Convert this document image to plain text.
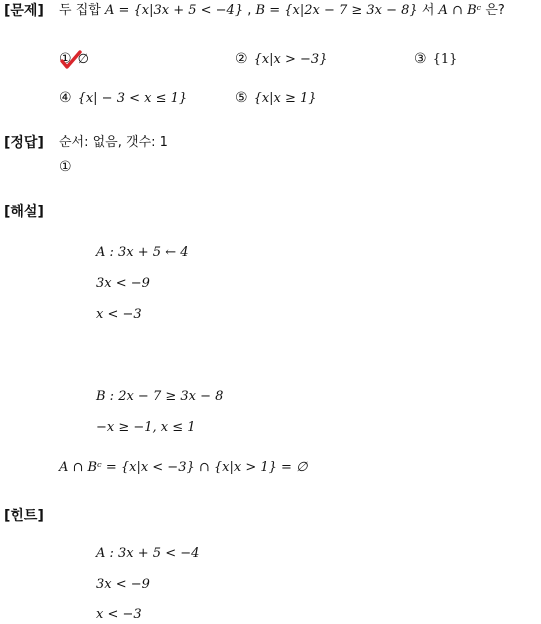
[문제] 두 집합 A = {x|3x + 5 < −4} , B = {x|2x − 7 ≥ 3x − 8} 서 A ∩ Bᶜ 은?
① ∅	② {x|x > −3}	③ {1}
④ {x| − 3 < x ≤ 1}	⑤ {x|x ≥ 1}
[정답] 순서: 없음, 갯수: 1
①
[해설]
A : 3x + 5 ← 4
3x < −9
x < −3
B : 2x − 7 ≥ 3x − 8
−x ≥ −1, x ≤ 1
A ∩ Bᶜ = {x|x < −3} ∩ {x|x > 1} = ∅
[힌트]
A : 3x + 5 < −4
3x < −9
x < −3
